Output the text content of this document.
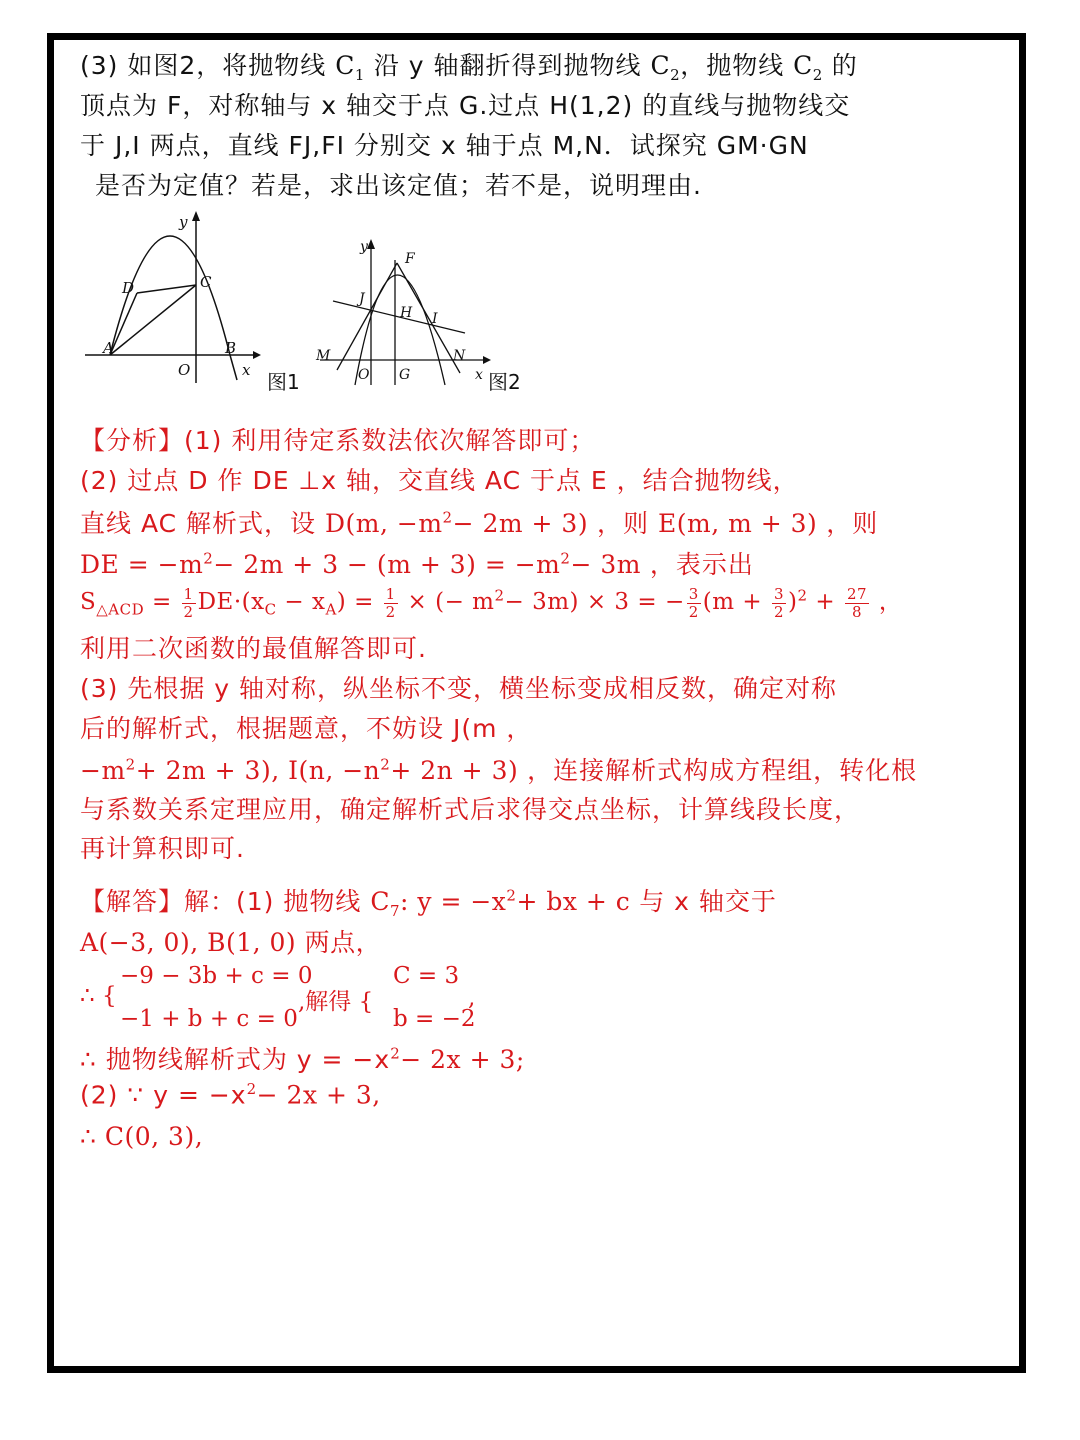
(3) 如图2，将抛物线 $C_1$ 沿 y 轴翻折得到抛物线 $C_2$，抛物线 $C_2$ 的
顶点为 F，对称轴与 x 轴交于点 G.过点 H(1,2) 的直线与抛物线交
于 J,I 两点，直线 FJ,FI 分别交 x 轴于点 M,N．试探究 GM·GN
是否为定值？若是，求出该定值；若不是，说明理由.
y
D	C
A	B
O	x 图1
y
F
J
H I
M	N
O G	x 图2
【分析】(1) 利用待定系数法依次解答即可；
(2) 过点 D 作 DE ⊥x 轴，交直线 AC 于点 E ，结合抛物线，
直线 AC 解析式，设 D(m, $-m^2- 2m + 3$) ，则 E(m, m + 3) ，则
DE = $-m^2- 2m + 3 - (m + 3) = -m^2- 3m$ ，表示出
$S_{\triangle ACD} = \frac{1}{2} DE\cdot(x_C - x_A) = \frac{1}{2}$ × (− $m^2- 3m) \times 3$ = − $\frac{3}{2} (m + \frac{3}{2} )^2 + \frac{27}{8}$ ，
利用二次函数的最值解答即可.
(3) 先根据 y 轴对称，纵坐标不变，横坐标变成相反数，确定对称
后的解析式，根据题意，不妨设 J(m ，
$-m^2+ 2m + 3$), I(n, $-n^2+ 2n + 3$) ，连接解析式构成方程组，转化根
与系数关系定理应用，确定解析式后求得交点坐标，计算线段长度，
再计算积即可.
【解答】解：(1) 抛物线 $C_7$: $y = -x^2+$ bx + c 与 x 轴交于
A(−3, 0), B(1, 0) 两点，
∴ {
−9 − 3b + c = 0
−1 + b + c = 0
,解得 {
C = 3
b = −2
,
∴ 抛物线解析式为 $y = -x^2- 2x + 3$;
(2) ∵ $y = -x^2- 2x + 3$,
∴ C(0, 3),
